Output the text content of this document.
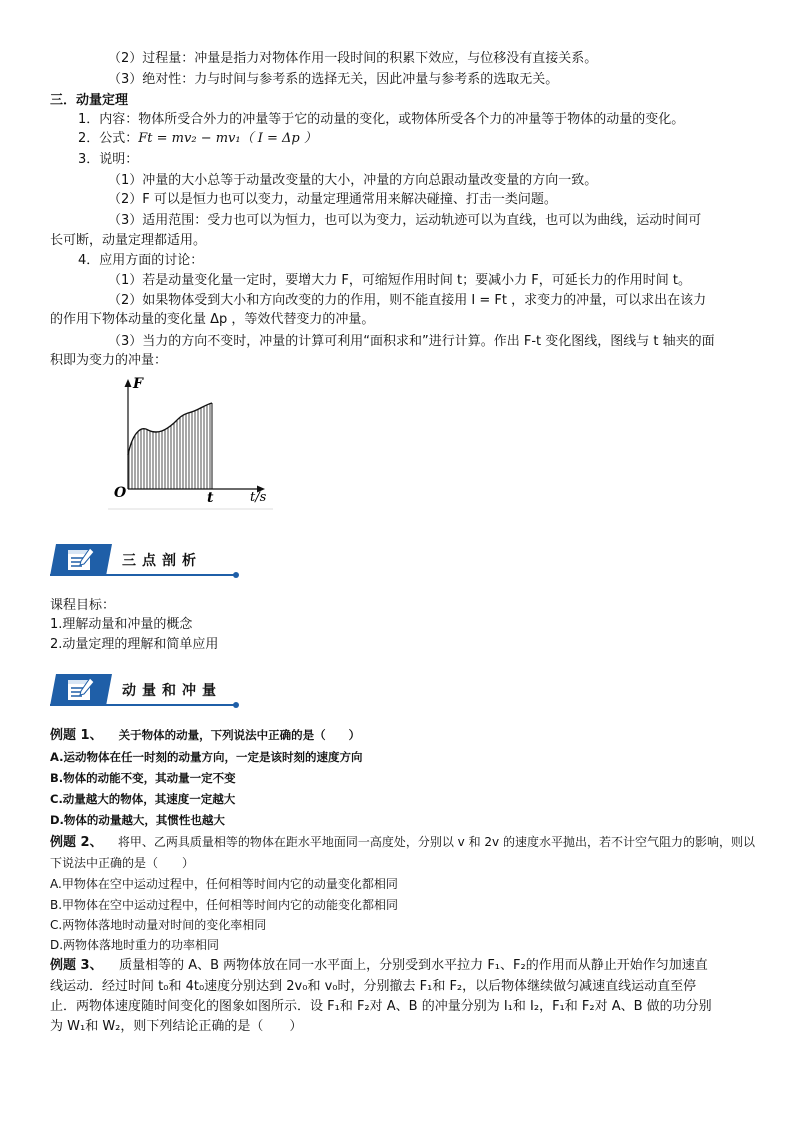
（2）过程量：冲量是指力对物体作用一段时间的积累下效应，与位移没有直接关系。
（3）绝对性：力与时间与参考系的选择无关，因此冲量与参考系的选取无关。
三．动量定理
1．内容：物体所受合外力的冲量等于它的动量的变化，或物体所受各个力的冲量等于物体的动量的变化。
2．公式：Ft = mv₂ − mv₁（ I = Δp ）
3．说明：
（1）冲量的大小总等于动量改变量的大小，冲量的方向总跟动量改变量的方向一致。
（2）F 可以是恒力也可以变力，动量定理通常用来解决碰撞、打击一类问题。
（3）适用范围：受力也可以为恒力，也可以为变力，运动轨迹可以为直线，也可以为曲线，运动时间可
长可断，动量定理都适用。
4．应用方面的讨论：
（1）若是动量变化量一定时，要增大力 F，可缩短作用时间 t；要减小力 F，可延长力的作用时间 t。
（2）如果物体受到大小和方向改变的力的作用，则不能直接用 I = Ft ，求变力的冲量，可以求出在该力
的作用下物体动量的变化量 Δp ，等效代替变力的冲量。
（3）当力的方向不变时，冲量的计算可利用“面积求和”进行计算。作出 F-t 变化图线，图线与 t 轴夹的面
积即为变力的冲量：
F
O	t	t/s
三点剖析
课程目标：
1.理解动量和冲量的概念
2.动量定理的理解和简单应用
动量和冲量
例题 1、 关于物体的动量，下列说法中正确的是（　　）
A.运动物体在任一时刻的动量方向，一定是该时刻的速度方向
B.物体的动能不变，其动量一定不变
C.动量越大的物体，其速度一定越大
D.物体的动量越大，其惯性也越大
例题 2、 将甲、乙两具质量相等的物体在距水平地面同一高度处，分别以 v 和 2v 的速度水平抛出，若不计空气阻力的影响，则以
下说法中正确的是（　　）
A.甲物体在空中运动过程中，任何相等时间内它的动量变化都相同
B.甲物体在空中运动过程中，任何相等时间内它的动能变化都相同
C.两物体落地时动量对时间的变化率相同
D.两物体落地时重力的功率相同
例题 3、 质量相等的 A、B 两物体放在同一水平面上，分别受到水平拉力 F₁、F₂的作用而从静止开始作匀加速直
线运动．经过时间 t₀和 4t₀速度分别达到 2v₀和 v₀时，分别撤去 F₁和 F₂，以后物体继续做匀减速直线运动直至停
止．两物体速度随时间变化的图象如图所示．设 F₁和 F₂对 A、B 的冲量分别为 I₁和 I₂，F₁和 F₂对 A、B 做的功分别
为 W₁和 W₂，则下列结论正确的是（　　）
